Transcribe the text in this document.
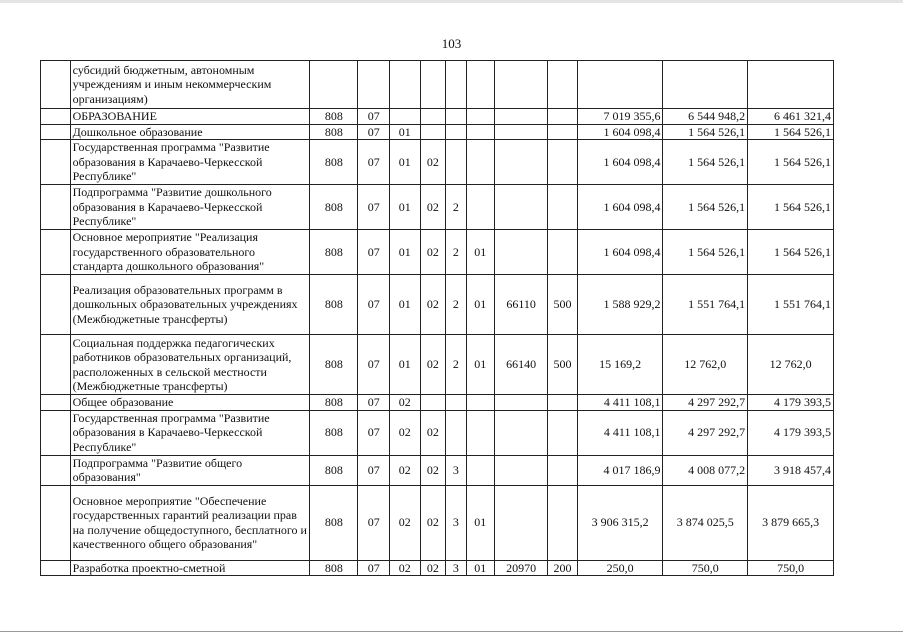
103
	субсидий бюджетным, автономным учреждениям и иным некоммерческим организациям)											
	ОБРАЗОВАНИЕ	808	07							7 019 355,6	6 544 948,2	6 461 321,4
	Дошкольное образование	808	07	01						1 604 098,4	1 564 526,1	1 564 526,1
	Государственная программа "Развитие образования в Карачаево-Черкесской Республике"	808	07	01	02					1 604 098,4	1 564 526,1	1 564 526,1
	Подпрограмма "Развитие дошкольного образования в Карачаево-Черкесской Республике"	808	07	01	02	2				1 604 098,4	1 564 526,1	1 564 526,1
	Основное мероприятие "Реализация государственного образовательного стандарта дошкольного образования"	808	07	01	02	2	01			1 604 098,4	1 564 526,1	1 564 526,1
	Реализация образовательных программ в дошкольных образовательных учреждениях (Межбюджетные трансферты)	808	07	01	02	2	01	66110	500	1 588 929,2	1 551 764,1	1 551 764,1
	Социальная поддержка педагогических работников образовательных организаций, расположенных в сельской местности (Межбюджетные трансферты)	808	07	01	02	2	01	66140	500	15 169,2	12 762,0	12 762,0
	Общее образование	808	07	02						4 411 108,1	4 297 292,7	4 179 393,5
	Государственная программа "Развитие образования в Карачаево-Черкесской Республике"	808	07	02	02					4 411 108,1	4 297 292,7	4 179 393,5
	Подпрограмма "Развитие общего образования"	808	07	02	02	3				4 017 186,9	4 008 077,2	3 918 457,4
	Основное мероприятие "Обеспечение государственных гарантий реализации прав на получение общедоступного, бесплатного и качественного общего образования"	808	07	02	02	3	01			3 906 315,2	3 874 025,5	3 879 665,3
	Разработка проектно-сметной	808	07	02	02	3	01	20970	200	250,0	750,0	750,0
